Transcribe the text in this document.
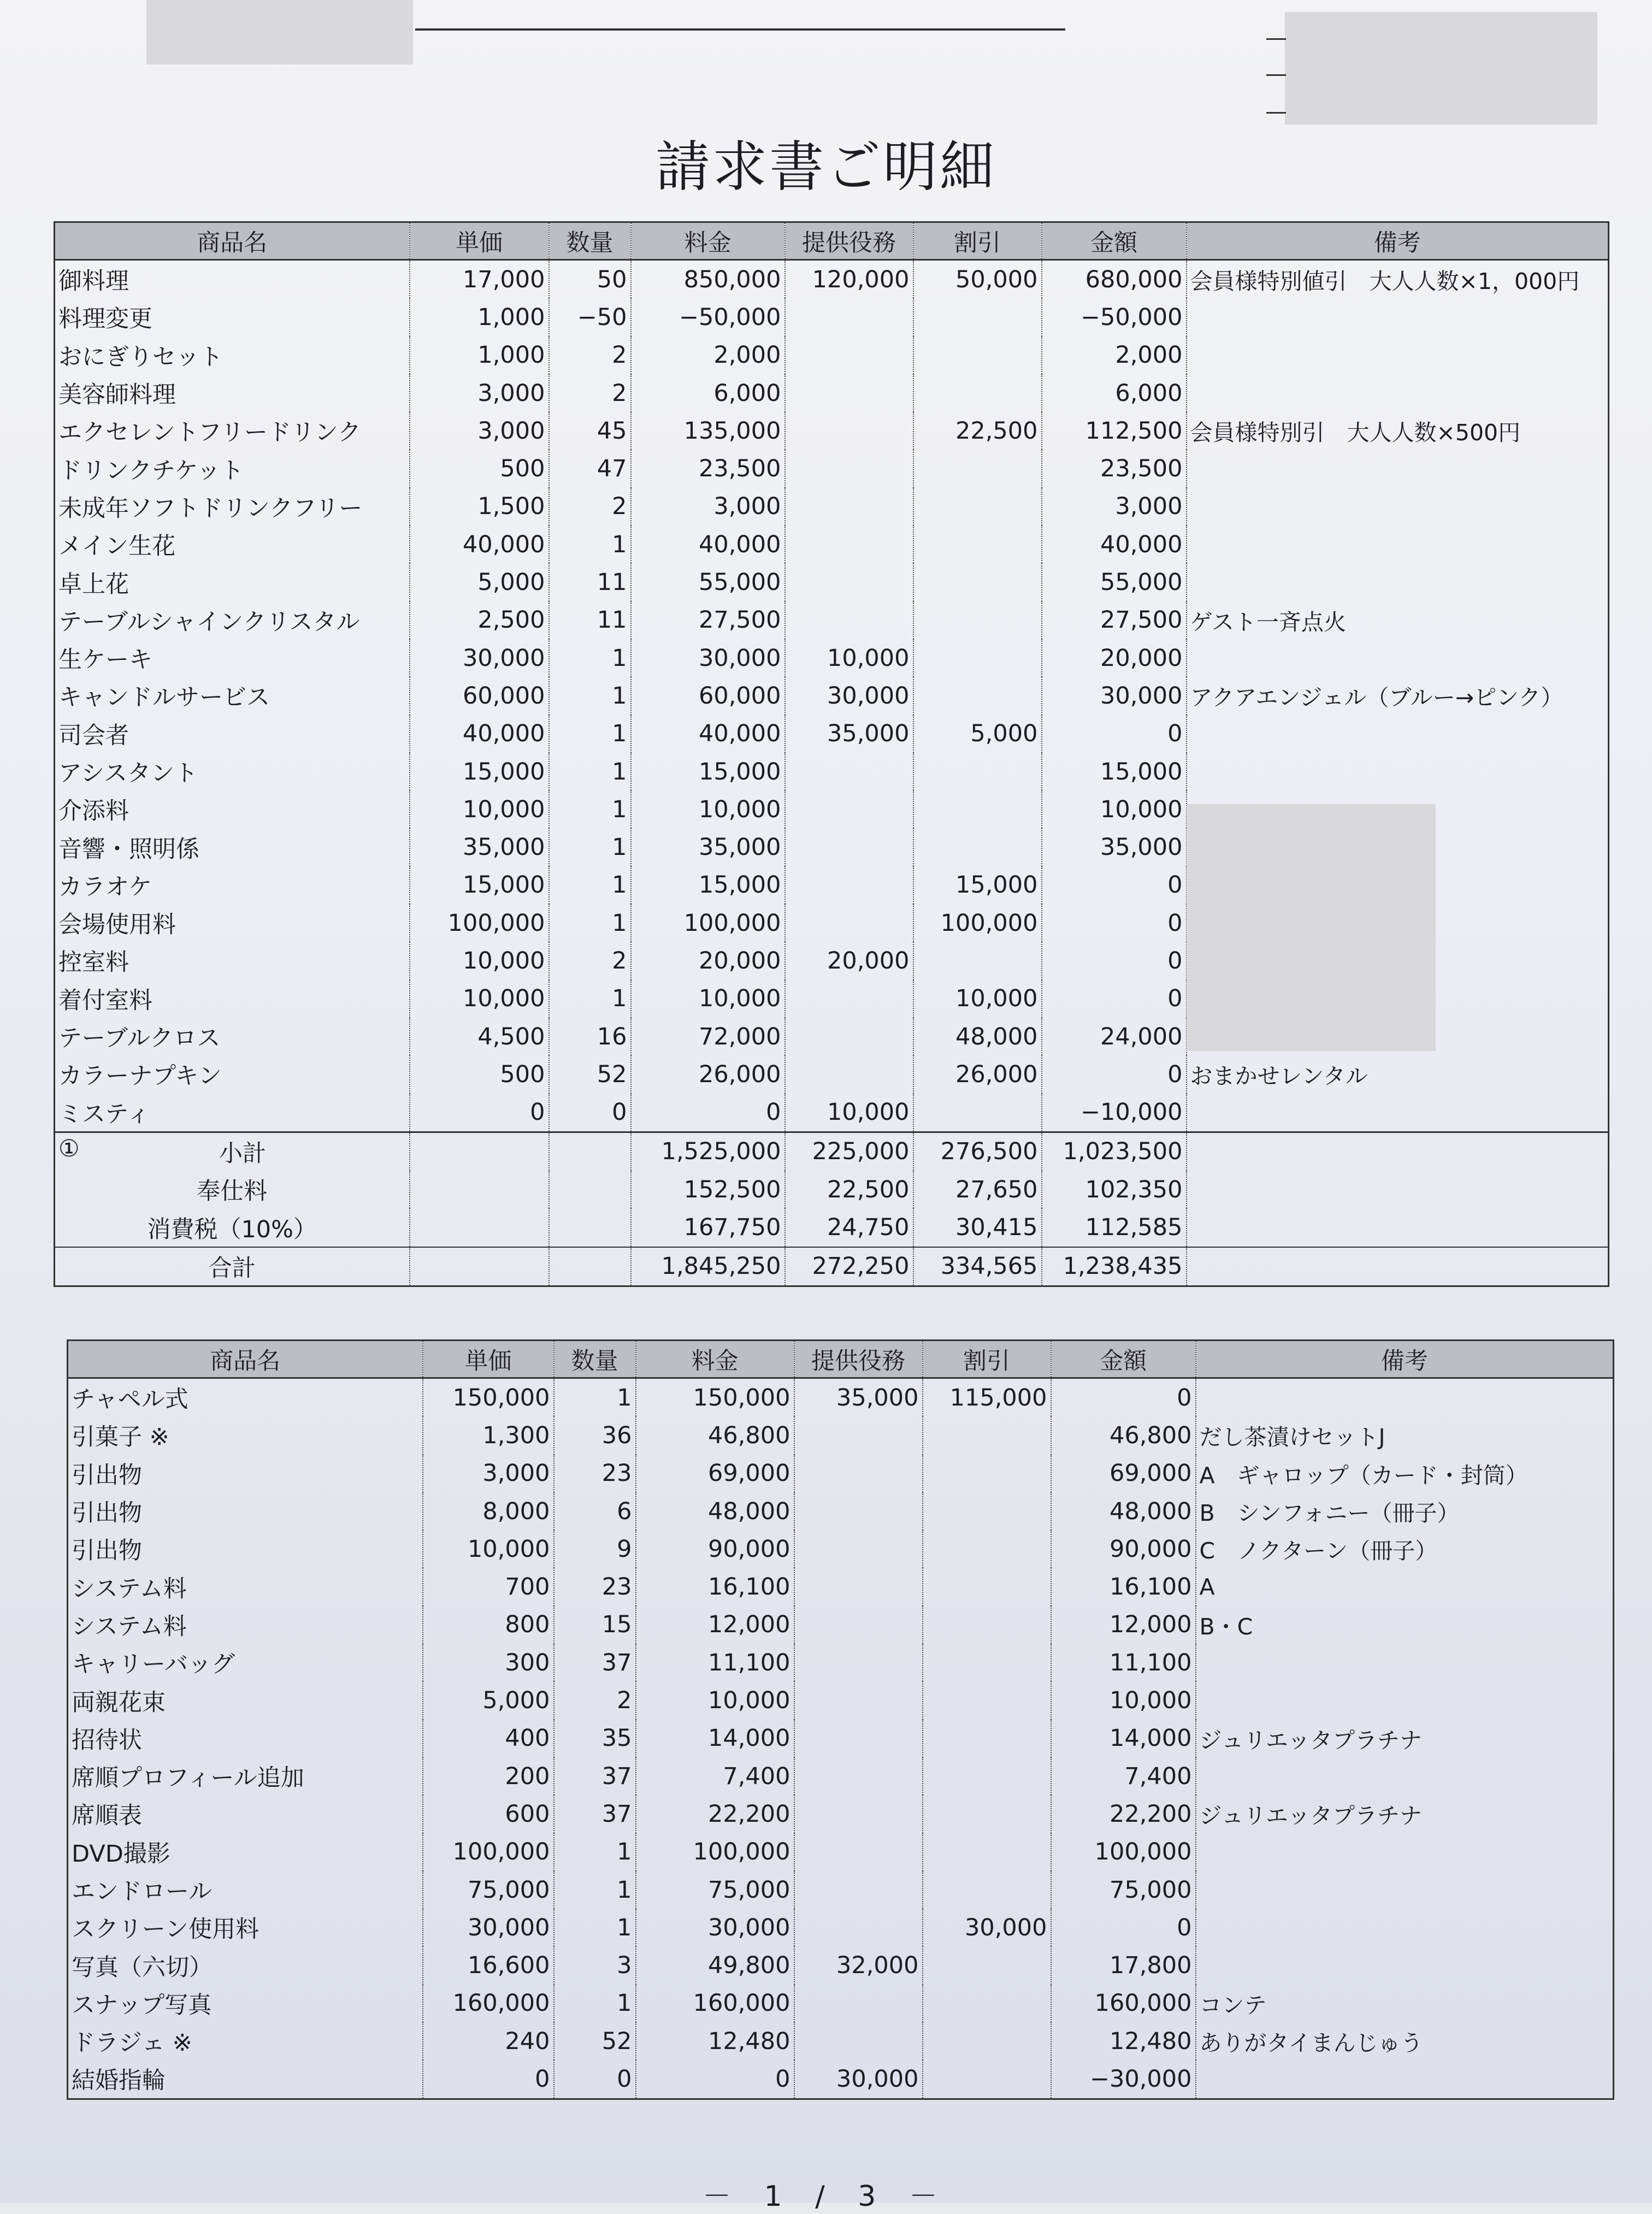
請求書ご明細
商品名	単価	数量	料金	提供役務	割引	金額	備考
御料理	17,000	50	850,000	120,000	50,000	680,000	会員様特別値引　大人人数×1，000円
料理変更	1,000	−50	−50,000			−50,000	
おにぎりセット	1,000	2	2,000			2,000	
美容師料理	3,000	2	6,000			6,000	
エクセレントフリードリンク	3,000	45	135,000		22,500	112,500	会員様特別引　大人人数×500円
ドリンクチケット	500	47	23,500			23,500	
未成年ソフトドリンクフリー	1,500	2	3,000			3,000	
メイン生花	40,000	1	40,000			40,000	
卓上花	5,000	11	55,000			55,000	
テーブルシャインクリスタル	2,500	11	27,500			27,500	ゲスト一斉点火
生ケーキ	30,000	1	30,000	10,000		20,000	
キャンドルサービス	60,000	1	60,000	30,000		30,000	アクアエンジェル（ブルー→ピンク）
司会者	40,000	1	40,000	35,000	5,000	0	
アシスタント	15,000	1	15,000			15,000	
介添料	10,000	1	10,000			10,000	
音響・照明係	35,000	1	35,000			35,000	
カラオケ	15,000	1	15,000		15,000	0	
会場使用料	100,000	1	100,000		100,000	0	
控室料	10,000	2	20,000	20,000		0	
着付室料	10,000	1	10,000		10,000	0	
テーブルクロス	4,500	16	72,000		48,000	24,000	
カラーナプキン	500	52	26,000		26,000	0	おまかせレンタル
ミスティ	0	0	0	10,000		−10,000	

① 小計			1,525,000	225,000	276,500	1,023,500	
奉仕料			152,500	22,500	27,650	102,350	
消費税（10%）			167,750	24,750	30,415	112,585	
合計			1,845,250	272,250	334,565	1,238,435	
商品名	単価	数量	料金	提供役務	割引	金額	備考
チャペル式	150,000	1	150,000	35,000	115,000	0	
引菓子 ※	1,300	36	46,800			46,800	だし茶漬けセットJ
引出物	3,000	23	69,000			69,000	A　ギャロップ（カード・封筒）
引出物	8,000	6	48,000			48,000	B　シンフォニー（冊子）
引出物	10,000	9	90,000			90,000	C　ノクターン（冊子）
システム料	700	23	16,100			16,100	A
システム料	800	15	12,000			12,000	B・C
キャリーバッグ	300	37	11,100			11,100	
両親花束	5,000	2	10,000			10,000	
招待状	400	35	14,000			14,000	ジュリエッタプラチナ
席順プロフィール追加	200	37	7,400			7,400	
席順表	600	37	22,200			22,200	ジュリエッタプラチナ
DVD撮影	100,000	1	100,000			100,000	
エンドロール	75,000	1	75,000			75,000	
スクリーン使用料	30,000	1	30,000		30,000	0	
写真（六切）	16,600	3	49,800	32,000		17,800	
スナップ写真	160,000	1	160,000			160,000	コンテ
ドラジェ ※	240	52	12,480			12,480	ありがタイまんじゅう
結婚指輪	0	0	0	30,000		−30,000	
－ 1 / 3 －
